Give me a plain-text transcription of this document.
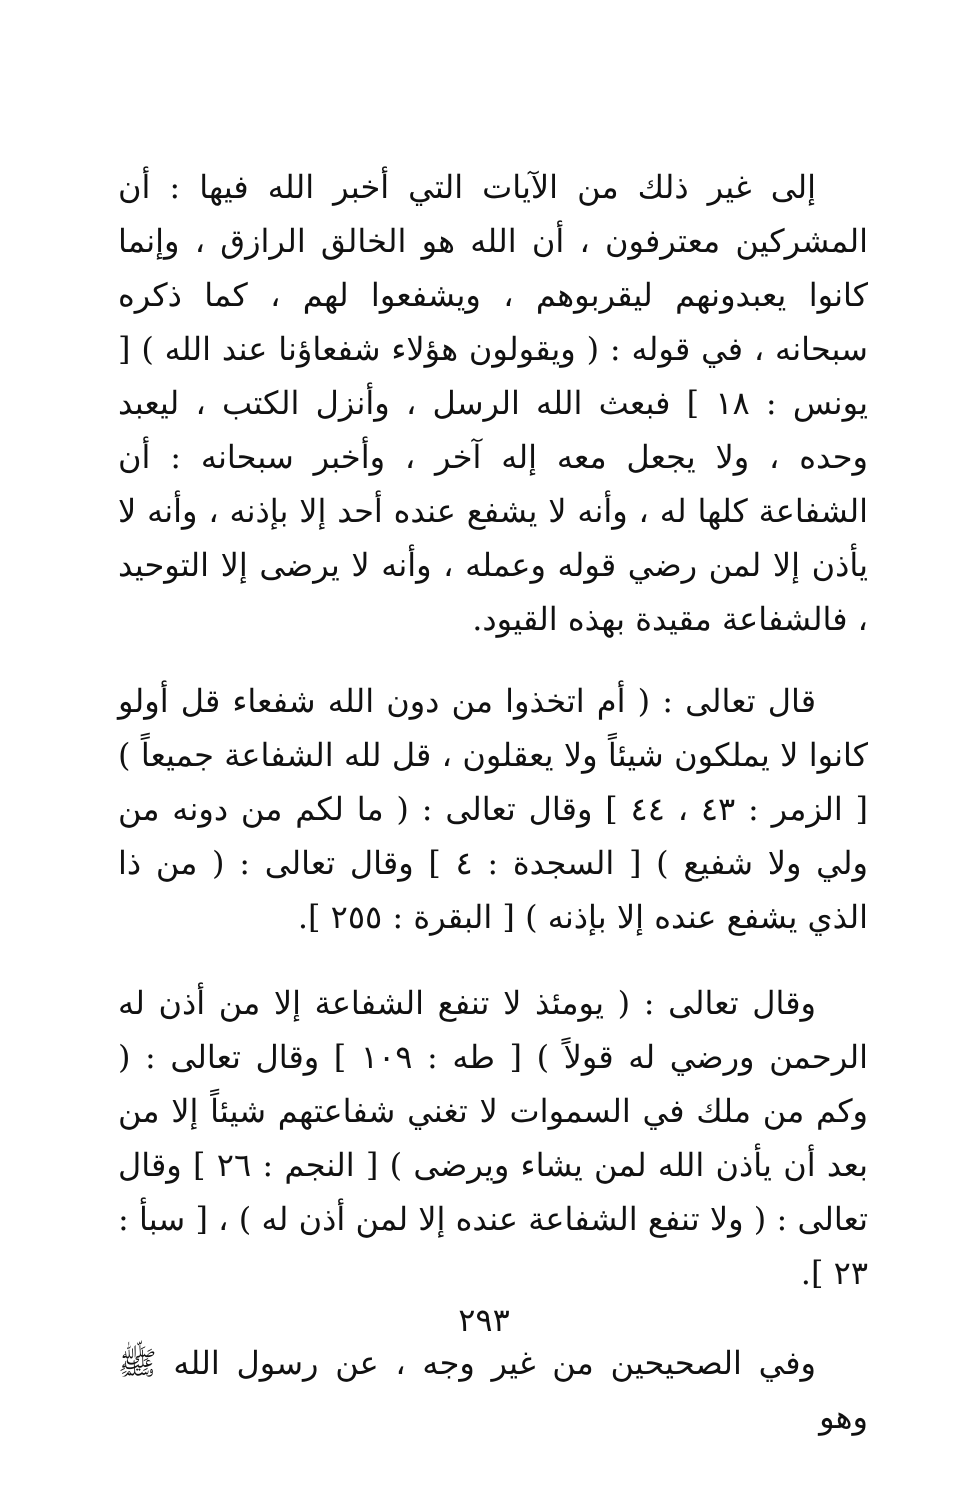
إلى غير ذلك من الآيات التي أخبر الله فيها : أن المشركين معترفون ، أن الله هو الخالق الرازق ، وإنما كانوا يعبدونهم ليقربوهم ، ويشفعوا لهم ، كما ذكره سبحانه ، في قوله : ( ويقولون هؤلاء شفعاؤنا عند الله ) [ يونس : ١٨ ] فبعث الله الرسل ، وأنزل الكتب ، ليعبد وحده ، ولا يجعل معه إله آخر ، وأخبر سبحانه : أن الشفاعة كلها له ، وأنه لا يشفع عنده أحد إلا بإذنه ، وأنه لا يأذن إلا لمن رضي قوله وعمله ، وأنه لا يرضى إلا التوحيد ، فالشفاعة مقيدة بهذه القيود.

قال تعالى : ( أم اتخذوا من دون الله شفعاء قل أولو كانوا لا يملكون شيئاً ولا يعقلون ، قل لله الشفاعة جميعاً ) [ الزمر : ٤٣ ، ٤٤ ] وقال تعالى : ( ما لكم من دونه من ولي ولا شفيع ) [ السجدة : ٤ ] وقال تعالى : ( من ذا الذي يشفع عنده إلا بإذنه ) [ البقرة : ٢٥٥ ].

وقال تعالى : ( يومئذ لا تنفع الشفاعة إلا من أذن له الرحمن ورضي له قولاً ) [ طه : ١٠٩ ] وقال تعالى : ( وكم من ملك في السموات لا تغني شفاعتهم شيئاً إلا من بعد أن يأذن الله لمن يشاء ويرضى ) [ النجم : ٢٦ ] وقال تعالى : ( ولا تنفع الشفاعة عنده إلا لمن أذن له ) ، [ سبأ : ٢٣ ].

وفي الصحيحين من غير وجه ، عن رسول الله ﷺ وهو

٢٩٣
